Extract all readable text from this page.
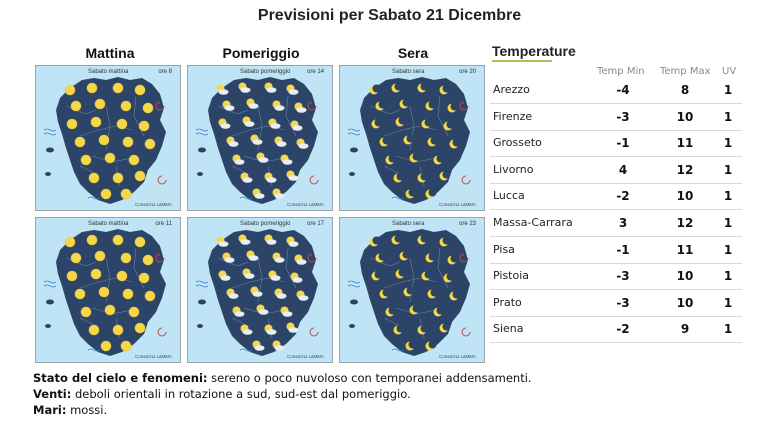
Previsioni per Sabato 21 Dicembre
Mattina	Pomeriggio	Sera
Sabato mattina	ore 8
Consorzio LaMMA
Sabato pomeriggio	ore 14
Consorzio LaMMA
Sabato sera	ore 20
Consorzio LaMMA
Sabato mattina	ore 11
Consorzio LaMMA
Sabato pomeriggio	ore 17
Consorzio LaMMA
Sabato sera	ore 23
Consorzio LaMMA
Temperature
Temp Min Temp Max UV
Arezzo	-4	8	1
Firenze	-3	10	1
Grosseto	-1	11	1
Livorno	4	12	1
Lucca	-2	10	1
Massa-Carrara	3	12	1
Pisa	-1	11	1
Pistoia	-3	10	1
Prato	-3	10	1
Siena	-2	9	1
Stato del cielo e fenomeni: sereno o poco nuvoloso con temporanei addensamenti.
Venti: deboli orientali in rotazione a sud, sud-est dal pomeriggio.
Mari: mossi.
